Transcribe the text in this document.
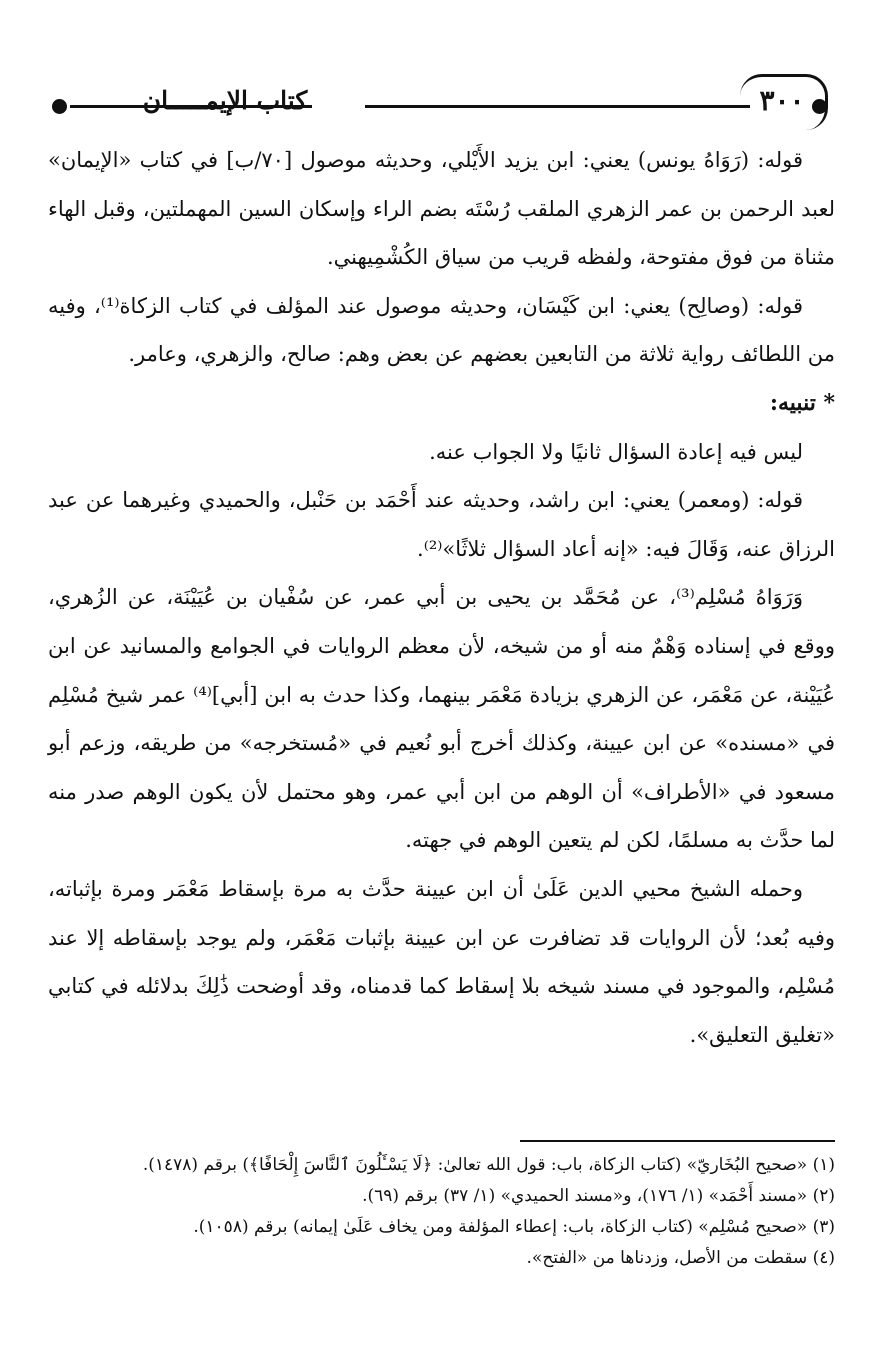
كتاب الإيمـــــان	٣٠٠

قوله: (رَوَاهُ يونس) يعني: ابن يزيد الأَيْلي، وحديثه موصول [٧٠/ب] في كتاب «الإيمان» لعبد الرحمن بن عمر الزهري الملقب رُسْتَه بضم الراء وإسكان السين المهملتين، وقبل الهاء مثناة من فوق مفتوحة، ولفظه قريب من سياق الكُشْمِيهني.

قوله: (وصالِح) يعني: ابن كَيْسَان، وحديثه موصول عند المؤلف في كتاب الزكاة⁽¹⁾، وفيه من اللطائف رواية ثلاثة من التابعين بعضهم عن بعض وهم: صالح، والزهري، وعامر.

* تنبيه:

ليس فيه إعادة السؤال ثانيًا ولا الجواب عنه.

قوله: (ومعمر) يعني: ابن راشد، وحديثه عند أَحْمَد بن حَنْبل، والحميدي وغيرهما عن عبد الرزاق عنه، وَقَالَ فيه: «إنه أعاد السؤال ثلاثًا»⁽²⁾.

وَرَوَاهُ مُسْلِم⁽³⁾، عن مُحَمَّد بن يحيى بن أبي عمر، عن سُفْيان بن عُيَيْنَة، عن الزُهري، ووقع في إسناده وَهْمٌ منه أو من شيخه، لأن معظم الروايات في الجوامع والمسانيد عن ابن عُيَيْنة، عن مَعْمَر، عن الزهري بزيادة مَعْمَر بينهما، وكذا حدث به ابن [أبي]⁽⁴⁾ عمر شيخ مُسْلِم في «مسنده» عن ابن عيينة، وكذلك أخرج أبو نُعيم في «مُستخرجه» من طريقه، وزعم أبو مسعود في «الأطراف» أن الوهم من ابن أبي عمر، وهو محتمل لأن يكون الوهم صدر منه لما حدَّث به مسلمًا، لكن لم يتعين الوهم في جهته.

وحمله الشيخ محيي الدين عَلَىٰ أن ابن عيينة حدَّث به مرة بإسقاط مَعْمَر ومرة بإثباته، وفيه بُعد؛ لأن الروايات قد تضافرت عن ابن عيينة بإثبات مَعْمَر، ولم يوجد بإسقاطه إلا عند مُسْلِم، والموجود في مسند شيخه بلا إسقاط كما قدمناه، وقد أوضحت ذَٰلِكَ بدلائله في كتابي «تغليق التعليق».

(١) «صحيح البُخَاريّ» (كتاب الزكاة، باب: قول الله تعالىٰ: ﴿لَا يَسْـَٔلُونَ ٱلنَّاسَ إِلْحَافًا﴾) برقم (١٤٧٨).

(٢) «مسند أَحْمَد» (١/ ١٧٦)، و«مسند الحميدي» (١/ ٣٧) برقم (٦٩).

(٣) «صحيح مُسْلِم» (كتاب الزكاة، باب: إعطاء المؤلفة ومن يخاف عَلَىٰ إيمانه) برقم (١٠٥٨).

(٤) سقطت من الأصل، وزدناها من «الفتح».
